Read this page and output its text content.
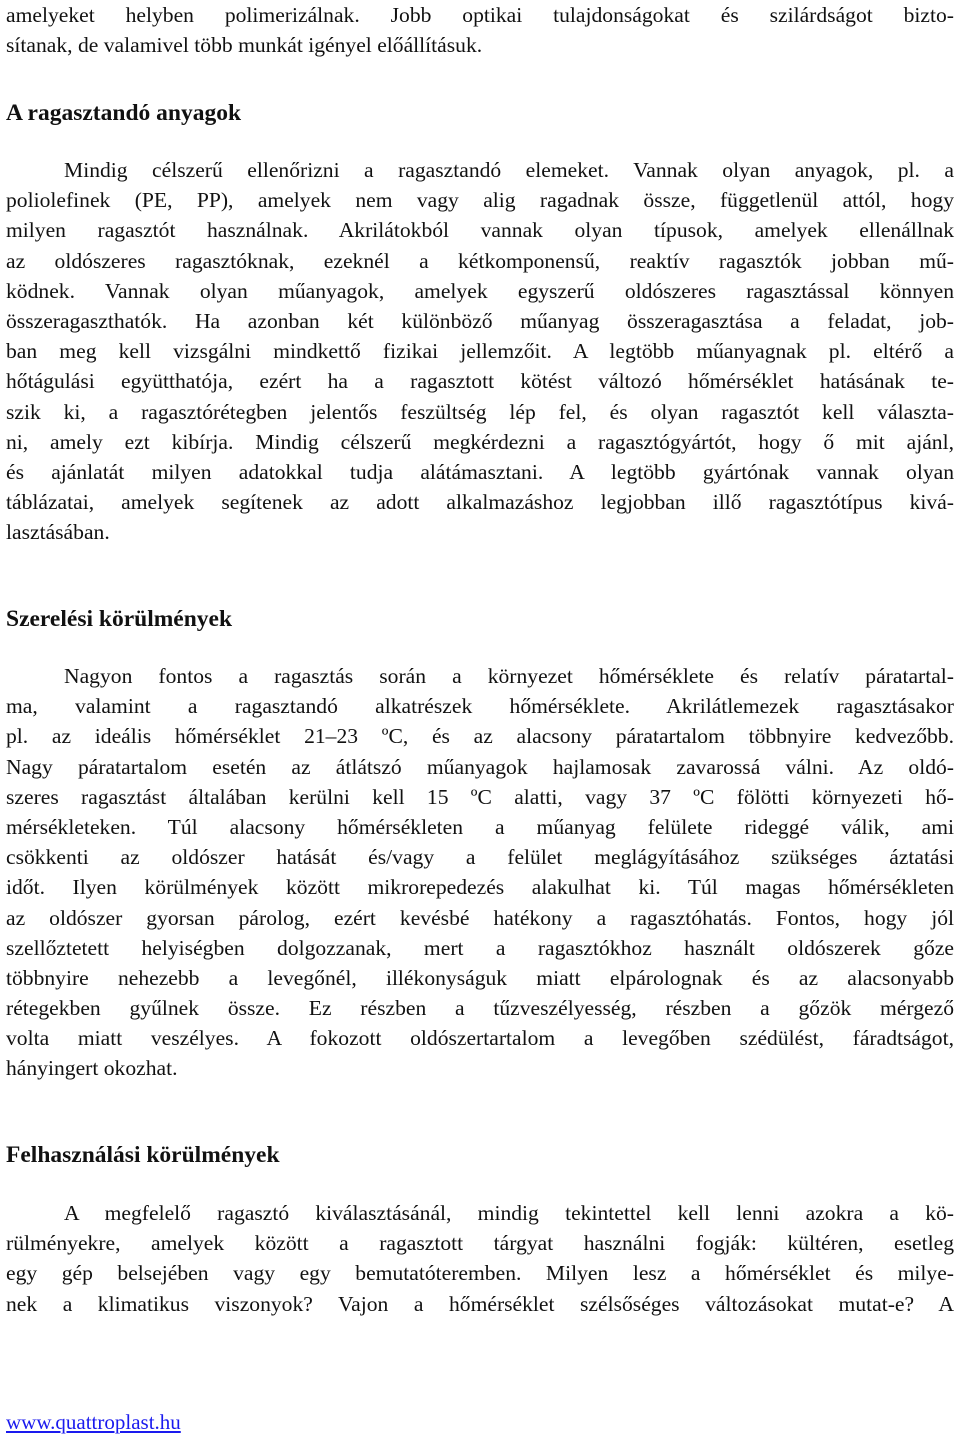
amelyeket helyben polimerizálnak. Jobb optikai tulajdonságokat és szilárdságot bizto-
sítanak, de valamivel több munkát igényel előállításuk.
A ragasztandó anyagok
Mindig célszerű ellenőrizni a ragasztandó elemeket. Vannak olyan anyagok, pl. a
poliolefinek (PE, PP), amelyek nem vagy alig ragadnak össze, függetlenül attól, hogy
milyen ragasztót használnak. Akrilátokból vannak olyan típusok, amelyek ellenállnak
az oldószeres ragasztóknak, ezeknél a kétkomponensű, reaktív ragasztók jobban mű-
ködnek. Vannak olyan műanyagok, amelyek egyszerű oldószeres ragasztással könnyen
összeragaszthatók. Ha azonban két különböző műanyag összeragasztása a feladat, job-
ban meg kell vizsgálni mindkettő fizikai jellemzőit. A legtöbb műanyagnak pl. eltérő a
hőtágulási együtthatója, ezért ha a ragasztott kötést változó hőmérséklet hatásának te-
szik ki, a ragasztórétegben jelentős feszültség lép fel, és olyan ragasztót kell választa-
ni, amely ezt kibírja. Mindig célszerű megkérdezni a ragasztógyártót, hogy ő mit ajánl,
és ajánlatát milyen adatokkal tudja alátámasztani. A legtöbb gyártónak vannak olyan
táblázatai, amelyek segítenek az adott alkalmazáshoz legjobban illő ragasztótípus kivá-
lasztásában.
Szerelési körülmények
Nagyon fontos a ragasztás során a környezet hőmérséklete és relatív páratartal-
ma, valamint a ragasztandó alkatrészek hőmérséklete. Akrilátlemezek ragasztásakor
pl. az ideális hőmérséklet 21–23 ºC, és az alacsony páratartalom többnyire kedvezőbb.
Nagy páratartalom esetén az átlátszó műanyagok hajlamosak zavarossá válni. Az oldó-
szeres ragasztást általában kerülni kell 15 ºC alatti, vagy 37 ºC fölötti környezeti hő-
mérsékleteken. Túl alacsony hőmérsékleten a műanyag felülete rideggé válik, ami
csökkenti az oldószer hatását és/vagy a felület meglágyításához szükséges áztatási
időt. Ilyen körülmények között mikrorepedezés alakulhat ki. Túl magas hőmérsékleten
az oldószer gyorsan párolog, ezért kevésbé hatékony a ragasztóhatás. Fontos, hogy jól
szellőztetett helyiségben dolgozzanak, mert a ragasztókhoz használt oldószerek gőze
többnyire nehezebb a levegőnél, illékonyságuk miatt elpárolognak és az alacsonyabb
rétegekben gyűlnek össze. Ez részben a tűzveszélyesség, részben a gőzök mérgező
volta miatt veszélyes. A fokozott oldószertartalom a levegőben szédülést, fáradtságot,
hányingert okozhat.
Felhasználási körülmények
A megfelelő ragasztó kiválasztásánál, mindig tekintettel kell lenni azokra a kö-
rülményekre, amelyek között a ragasztott tárgyat használni fogják: kültéren, esetleg
egy gép belsejében vagy egy bemutatóteremben. Milyen lesz a hőmérséklet és milye-
nek a klimatikus viszonyok? Vajon a hőmérséklet szélsőséges változásokat mutat-e? A
www.quattroplast.hu
